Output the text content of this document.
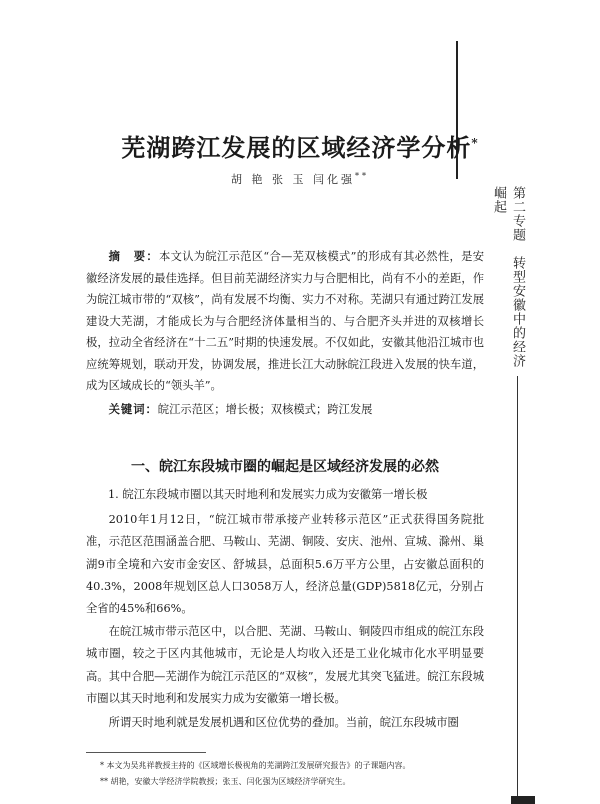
芜湖跨江发展的区域经济学分析*
胡 艳 张 玉 闫化强**

摘　要：本文认为皖江示范区“合—芜双核模式”的形成有其必然性，是安徽经济发展的最佳选择。但目前芜湖经济实力与合肥相比，尚有不小的差距，作为皖江城市带的“双核”，尚有发展不均衡、实力不对称。芜湖只有通过跨江发展建设大芜湖，才能成长为与合肥经济体量相当的、与合肥齐头并进的双核增长极，拉动全省经济在“十二五”时期的快速发展。不仅如此，安徽其他沿江城市也应统筹规划，联动开发，协调发展，推进长江大动脉皖江段进入发展的快车道，成为区域成长的“领头羊”。

关键词：皖江示范区；增长极；双核模式；跨江发展

一、皖江东段城市圈的崛起是区域经济发展的必然
1. 皖江东段城市圈以其天时地利和发展实力成为安徽第一增长极

2010年1月12日，“皖江城市带承接产业转移示范区”正式获得国务院批准，示范区范围涵盖合肥、马鞍山、芜湖、铜陵、安庆、池州、宣城、滁州、巢湖9市全境和六安市金安区、舒城县，总面积5.6万平方公里，占安徽总面积的40.3%，2008年规划区总人口3058万人，经济总量(GDP)5818亿元，分别占全省的45%和66%。

在皖江城市带示范区中，以合肥、芜湖、马鞍山、铜陵四市组成的皖江东段城市圈，较之于区内其他城市，无论是人均收入还是工业化城市化水平明显要高。其中合肥—芜湖作为皖江示范区的“双核”，发展尤其突飞猛进。皖江东段城市圈以其天时地利和发展实力成为安徽第一增长极。

所谓天时地利就是发展机遇和区位优势的叠加。当前，皖江东段城市圈

第二专题　转型安徽中的经济崛起
* 本文为吴兆祥教授主持的《区域增长极视角的芜湖跨江发展研究报告》的子课题内容。
** 胡艳，安徽大学经济学院教授；张玉、闫化强为区域经济学研究生。
